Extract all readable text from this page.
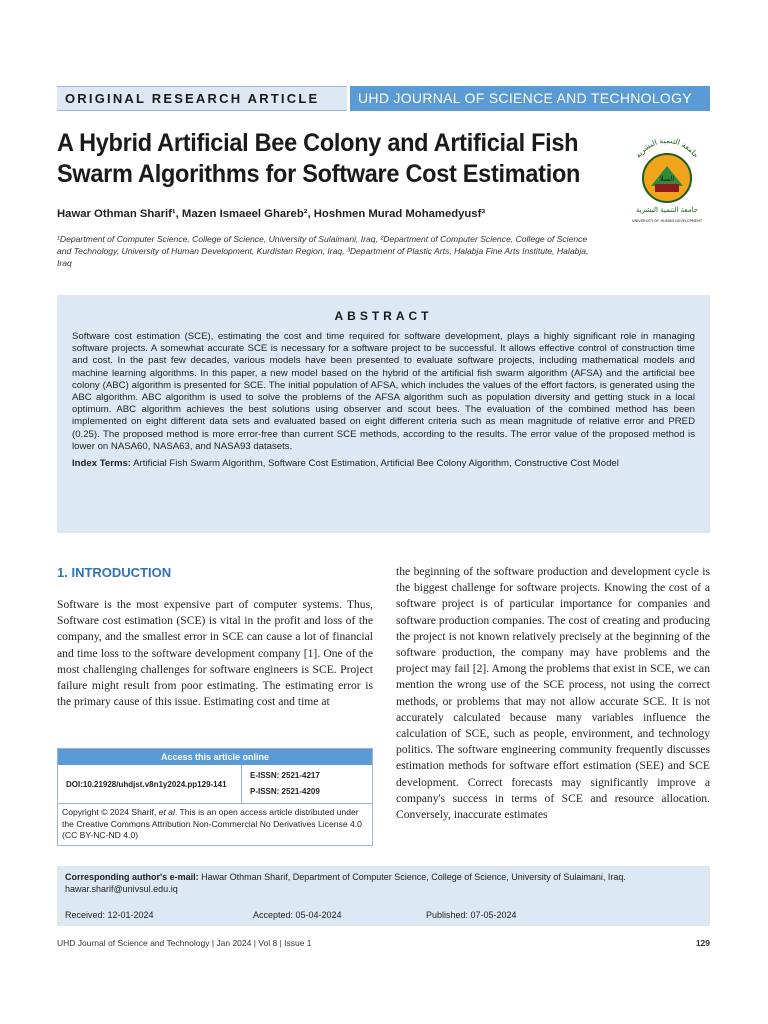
ORIGINAL RESEARCH ARTICLE	UHD JOURNAL OF SCIENCE AND TECHNOLOGY
A Hybrid Artificial Bee Colony and Artificial Fish Swarm Algorithms for Software Cost Estimation
جامعة التنمية البشرية
السلا
جامعة التنمية البشرية
UNIVERSITY OF HUMAN DEVELOPMENT
Hawar Othman Sharif¹, Mazen Ismaeel Ghareb², Hoshmen Murad Mohamedyusf³
¹Department of Computer Science, College of Science, University of Sulaimani, Iraq, ²Department of Computer Science, College of Science and Technology, University of Human Development, Kurdistan Region, Iraq, ³Department of Plastic Arts, Halabja Fine Arts Institute, Halabja, Iraq
ABSTRACT
Software cost estimation (SCE), estimating the cost and time required for software development, plays a highly significant role in managing software projects. A somewhat accurate SCE is necessary for a software project to be successful. It allows effective control of construction time and cost. In the past few decades, various models have been presented to evaluate software projects, including mathematical models and machine learning algorithms. In this paper, a new model based on the hybrid of the artificial fish swarm algorithm (AFSA) and the artificial bee colony (ABC) algorithm is presented for SCE. The initial population of AFSA, which includes the values of the effort factors, is generated using the ABC algorithm. ABC algorithm is used to solve the problems of the AFSA algorithm such as population diversity and getting stuck in a local optimum. ABC algorithm achieves the best solutions using observer and scout bees. The evaluation of the combined method has been implemented on eight different data sets and evaluated based on eight different criteria such as mean magnitude of relative error and PRED (0.25). The proposed method is more error-free than current SCE methods, according to the results. The error value of the proposed method is lower on NASA60, NASA63, and NASA93 datasets.
Index Terms: Artificial Fish Swarm Algorithm, Software Cost Estimation, Artificial Bee Colony Algorithm, Constructive Cost Model
1. INTRODUCTION
Software is the most expensive part of computer systems. Thus, Software cost estimation (SCE) is vital in the profit and loss of the company, and the smallest error in SCE can cause a lot of financial and time loss to the software development company [1]. One of the most challenging challenges for software engineers is SCE. Project failure might result from poor estimating. The estimating error is the primary cause of this issue. Estimating cost and time at
the beginning of the software production and development cycle is the biggest challenge for software projects. Knowing the cost of a software project is of particular importance for companies and software production companies. The cost of creating and producing the project is not known relatively precisely at the beginning of the software production, the company may have problems and the project may fail [2]. Among the problems that exist in SCE, we can mention the wrong use of the SCE process, not using the correct methods, or problems that may not allow accurate SCE. It is not accurately calculated because many variables influence the calculation of SCE, such as people, environment, and technology politics. The software engineering community frequently discusses estimation methods for software effort estimation (SEE) and SCE development. Correct forecasts may significantly improve a company's success in terms of SCE and resource allocation. Conversely, inaccurate estimates
Access this article online
DOI:10.21928/uhdjst.v8n1y2024.pp129-141
E-ISSN: 2521-4217
P-ISSN: 2521-4209
Copyright © 2024 Sharif, et al. This is an open access article distributed under the Creative Commons Attribution Non-Commercial No Derivatives License 4.0 (CC BY-NC-ND 4.0)
Corresponding author's e-mail: Hawar Othman Sharif, Department of Computer Science, College of Science, University of Sulaimani, Iraq. hawar.sharif@univsul.edu.iq
Received: 12-01-2024	Accepted: 05-04-2024	Published: 07-05-2024
UHD Journal of Science and Technology | Jan 2024 | Vol 8 | Issue 1	129
